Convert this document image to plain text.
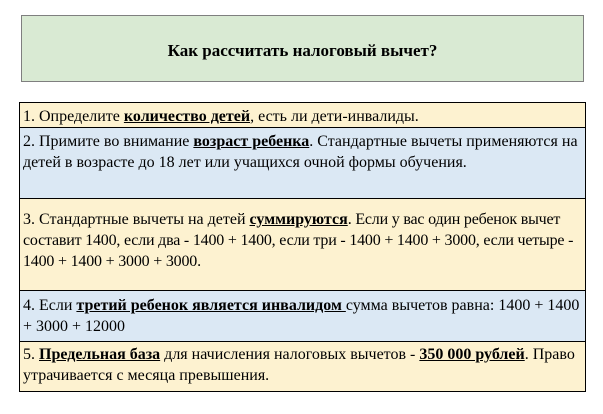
Как рассчитать налоговый вычет?
1. Определите количество детей, есть ли дети-инвалиды.
2. Примите во внимание возраст ребенка. Стандартные вычеты применяются на детей в возрасте до 18 лет или учащихся очной формы обучения.
3. Стандартные вычеты на детей суммируются. Если у вас один ребенок вычет составит 1400, если два - 1400 + 1400, если три - 1400 + 1400 + 3000, если четыре - 1400 + 1400 + 3000 + 3000.
4. Если третий ребенок является инвалидом сумма вычетов равна: 1400 + 1400 + 3000 + 12000
5. Предельная база для начисления налоговых вычетов - 350 000 рублей. Право утрачивается с месяца превышения.
